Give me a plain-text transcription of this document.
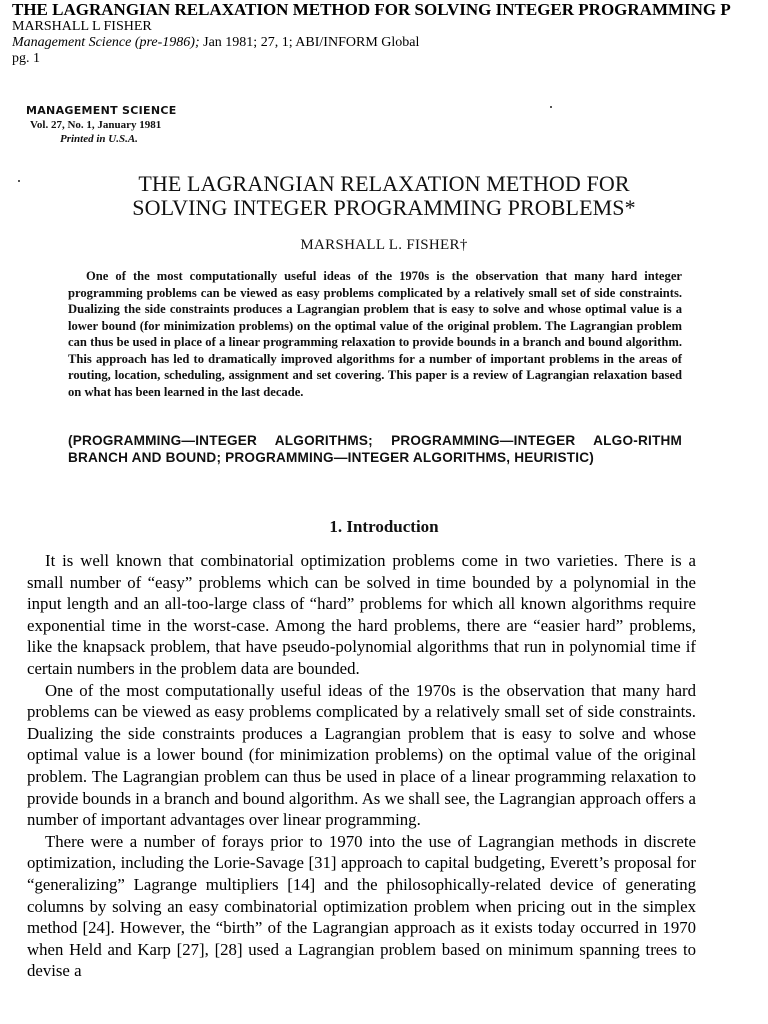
THE LAGRANGIAN RELAXATION METHOD FOR SOLVING INTEGER PROGRAMMING P
MARSHALL L FISHER
Management Science (pre-1986); Jan 1981; 27, 1; ABI/INFORM Global
pg. 1
MANAGEMENT SCIENCE
Vol. 27, No. 1, January 1981
Printed in U.S.A.
THE LAGRANGIAN RELAXATION METHOD FOR
SOLVING INTEGER PROGRAMMING PROBLEMS*
MARSHALL L. FISHER†

One of the most computationally useful ideas of the 1970s is the observation that many hard integer programming problems can be viewed as easy problems complicated by a relatively small set of side constraints. Dualizing the side constraints produces a Lagrangian problem that is easy to solve and whose optimal value is a lower bound (for minimization problems) on the optimal value of the original problem. The Lagrangian problem can thus be used in place of a linear programming relaxation to provide bounds in a branch and bound algorithm. This approach has led to dramatically improved algorithms for a number of important problems in the areas of routing, location, scheduling, assignment and set covering. This paper is a review of Lagrangian relaxation based on what has been learned in the last decade.

(PROGRAMMING—INTEGER ALGORITHMS; PROGRAMMING—INTEGER ALGO-RITHM BRANCH AND BOUND; PROGRAMMING—INTEGER ALGORITHMS, HEURISTIC)
1. Introduction

It is well known that combinatorial optimization problems come in two varieties. There is a small number of “easy” problems which can be solved in time bounded by a polynomial in the input length and an all-too-large class of “hard” problems for which all known algorithms require exponential time in the worst-case. Among the hard problems, there are “easier hard” problems, like the knapsack problem, that have pseudo-polynomial algorithms that run in polynomial time if certain numbers in the problem data are bounded.

One of the most computationally useful ideas of the 1970s is the observation that many hard problems can be viewed as easy problems complicated by a relatively small set of side constraints. Dualizing the side constraints produces a Lagrangian problem that is easy to solve and whose optimal value is a lower bound (for minimization problems) on the optimal value of the original problem. The Lagrangian problem can thus be used in place of a linear programming relaxation to provide bounds in a branch and bound algorithm. As we shall see, the Lagrangian approach offers a number of important advantages over linear programming.

There were a number of forays prior to 1970 into the use of Lagrangian methods in discrete optimization, including the Lorie-Savage [31] approach to capital budgeting, Everett’s proposal for “generalizing” Lagrange multipliers [14] and the philosophically-related device of generating columns by solving an easy combinatorial optimization problem when pricing out in the simplex method [24]. However, the “birth” of the Lagrangian approach as it exists today occurred in 1970 when Held and Karp [27], [28] used a Lagrangian problem based on minimum spanning trees to devise a
